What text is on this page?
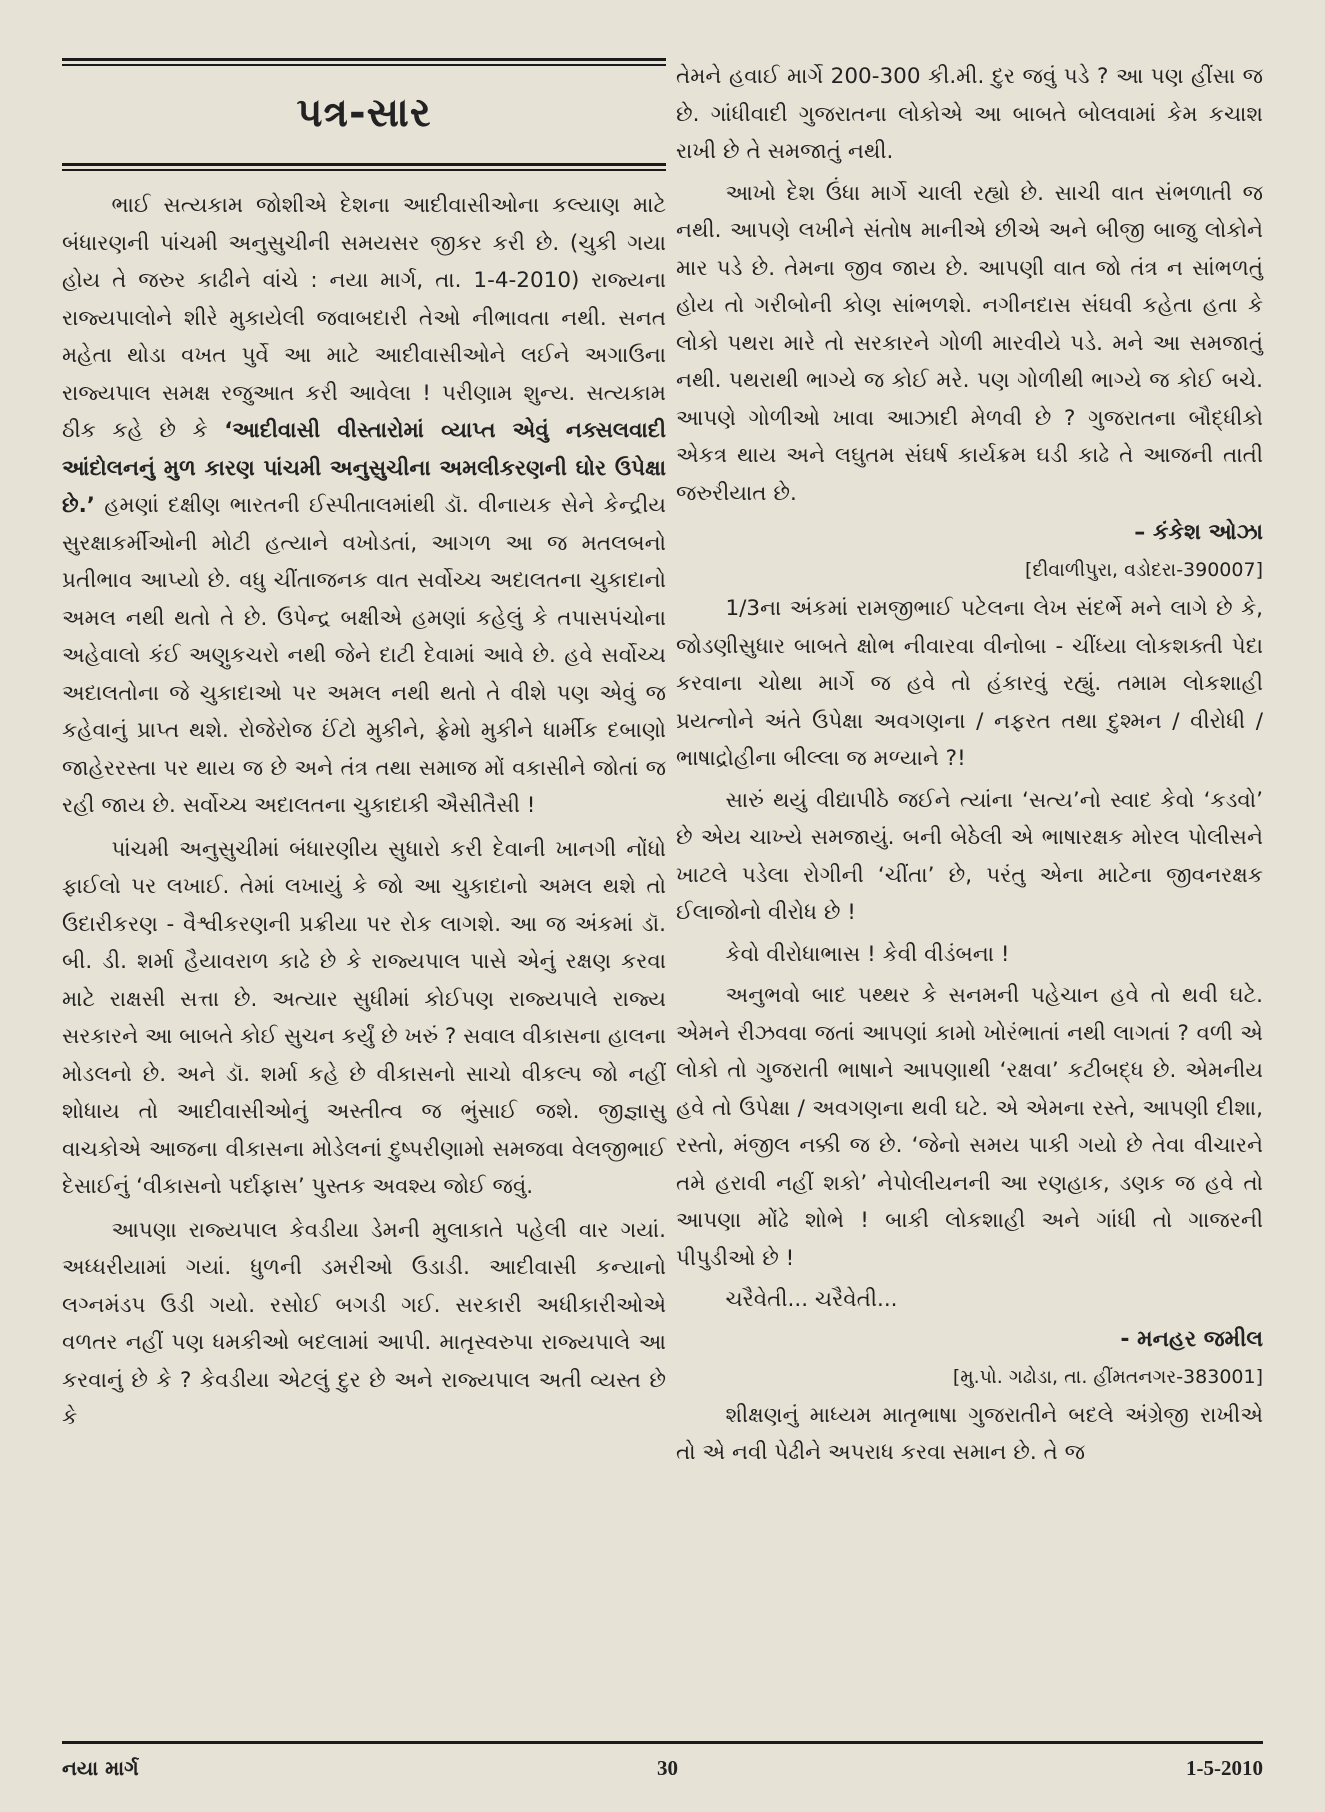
પત્ર-સાર

ભાઈ સત્યકામ જોશીએ દેશના આદીવાસીઓના કલ્યાણ માટે બંધારણની પાંચમી અનુસુચીની સમયસર જીકર કરી છે. (ચુકી ગયા હોય તે જરુર કાઢીને વાંચે : નયા માર્ગ, તા. 1-4-2010) રાજ્યના રાજ્યપાલોને શીરે મુકાયેલી જવાબદારી તેઓ નીભાવતા નથી. સનત મહેતા થોડા વખત પુર્વે આ માટે આદીવાસીઓને લઈને અગાઉના રાજ્યપાલ સમક્ષ રજુઆત કરી આવેલા ! પરીણામ શુન્ય. સત્યકામ ઠીક કહે છે કે ‘આદીવાસી વીસ્તારોમાં વ્યાપ્ત એવું નક્સલવાદી આંદોલનનું મુળ કારણ પાંચમી અનુસુચીના અમલીકરણની ઘોર ઉપેક્ષા છે.’ હમણાં દક્ષીણ ભારતની ઈસ્પીતાલમાંથી ડૉ. વીનાયક સેને કેન્દ્રીય સુરક્ષાકર્મીઓની મોટી હત્યાને વખોડતાં, આગળ આ જ મતલબનો પ્રતીભાવ આપ્યો છે. વધુ ચીંતાજનક વાત સર્વોચ્ચ અદાલતના ચુકાદાનો અમલ નથી થતો તે છે. ઉપેન્દ્ર બક્ષીએ હમણાં કહેલું કે તપાસપંચોના અહેવાલો કંઈ અણુકચરો નથી જેને દાટી દેવામાં આવે છે. હવે સર્વોચ્ચ અદાલતોના જે ચુકાદાઓ પર અમલ નથી થતો તે વીશે પણ એવું જ કહેવાનું પ્રાપ્ત થશે. રોજેરોજ ઈંટો મુકીને, ફ્રેમો મુકીને ધાર્મીક દબાણો જાહેરરસ્તા પર થાય જ છે અને તંત્ર તથા સમાજ મોં વકાસીને જોતાં જ રહી જાય છે. સર્વોચ્ચ અદાલતના ચુકાદાકી ઐસીતૈસી !

પાંચમી અનુસુચીમાં બંધારણીય સુધારો કરી દેવાની ખાનગી નોંધો ફાઈલો પર લખાઈ. તેમાં લખાયું કે જો આ ચુકાદાનો અમલ થશે તો ઉદારીકરણ - વૈશ્વીકરણની પ્રક્રીયા પર રોક લાગશે. આ જ અંકમાં ડૉ. બી. ડી. શર્મા હૈયાવરાળ કાઢે છે કે રાજ્યપાલ પાસે એનું રક્ષણ કરવા માટે રાક્ષસી સત્તા છે. અત્યાર સુધીમાં કોઈપણ રાજ્યપાલે રાજ્ય સરકારને આ બાબતે કોઈ સુચન કર્યું છે ખરું ? સવાલ વીકાસના હાલના મોડલનો છે. અને ડૉ. શર્મા કહે છે વીકાસનો સાચો વીકલ્પ જો નહીં શોધાય તો આદીવાસીઓનું અસ્તીત્વ જ ભુંસાઈ જશે. જીજ્ઞાસુ વાચકોએ આજના વીકાસના મોડેલનાં દુષ્પરીણામો સમજવા વેલજીભાઈ દેસાઈનું ‘વીકાસનો પર્દાફાસ’ પુસ્તક અવશ્ય જોઈ જવું.

આપણા રાજ્યપાલ કેવડીયા ડેમની મુલાકાતે પહેલી વાર ગયાં. અધ્ધરીયામાં ગયાં. ધુળની ડમરીઓ ઉડાડી. આદીવાસી કન્યાનો લગ્નમંડપ ઉડી ગયો. રસોઈ બગડી ગઈ. સરકારી અધીકારીઓએ વળતર નહીં પણ ધમકીઓ બદલામાં આપી. માતૃસ્વરુપા રાજ્યપાલે આ કરવાનું છે કે ? કેવડીયા એટલું દુર છે અને રાજ્યપાલ અતી વ્યસ્ત છે કે

તેમને હવાઈ માર્ગે 200-300 કી.મી. દુર જવું પડે ? આ પણ હીંસા જ છે. ગાંધીવાદી ગુજરાતના લોકોએ આ બાબતે બોલવામાં કેમ કચાશ રાખી છે તે સમજાતું નથી.

આખો દેશ ઉંધા માર્ગે ચાલી રહ્યો છે. સાચી વાત સંભળાતી જ નથી. આપણે લખીને સંતોષ માનીએ છીએ અને બીજી બાજુ લોકોને માર પડે છે. તેમના જીવ જાય છે. આપણી વાત જો તંત્ર ન સાંભળતું હોય તો ગરીબોની કોણ સાંભળશે. નગીનદાસ સંઘવી કહેતા હતા કે લોકો પથરા મારે તો સરકારને ગોળી મારવીયે પડે. મને આ સમજાતું નથી. પથરાથી ભાગ્યે જ કોઈ મરે. પણ ગોળીથી ભાગ્યે જ કોઈ બચે. આપણે ગોળીઓ ખાવા આઝાદી મેળવી છે ? ગુજરાતના બૌદ્ધીકો એકત્ર થાય અને લઘુતમ સંઘર્ષ કાર્યક્રમ ઘડી કાઢે તે આજની તાતી જરુરીયાત છે.

– કંકેશ ઓઝા
[દીવાળીપુરા, વડોદરા-390007]

1/3ના અંકમાં રામજીભાઈ પટેલના લેખ સંદર્ભે મને લાગે છે કે, જોડણીસુધાર બાબતે ક્ષોભ નીવારવા વીનોબા - ચીંધ્યા લોકશક્તી પેદા કરવાના ચોથા માર્ગે જ હવે તો હંકારવું રહ્યું. તમામ લોકશાહી પ્રયત્નોને અંતે ઉપેક્ષા અવગણના / નફરત તથા દુશ્મન / વીરોધી / ભાષાદ્રોહીના બીલ્લા જ મળ્યાને ?!

સારું થયું વીદ્યાપીઠે જઈને ત્યાંના ‘સત્ય’નો સ્વાદ કેવો ‘કડવો’ છે એય ચાખ્યે સમજાયું. બની બેઠેલી એ ભાષારક્ષક મોરલ પોલીસને ખાટલે પડેલા રોગીની ‘ચીંતા’ છે, પરંતુ એના માટેના જીવનરક્ષક ઈલાજોનો વીરોધ છે !

કેવો વીરોધાભાસ ! કેવી વીડંબના !

અનુભવો બાદ પથ્થર કે સનમની પહેચાન હવે તો થવી ઘટે. એમને રીઝવવા જતાં આપણાં કામો ખોરંભાતાં નથી લાગતાં ? વળી એ લોકો તો ગુજરાતી ભાષાને આપણાથી ‘રક્ષવા’ કટીબદ્ધ છે. એમનીય હવે તો ઉપેક્ષા / અવગણના થવી ઘટે. એ એમના રસ્તે, આપણી દીશા, રસ્તો, મંજીલ નક્કી જ છે. ‘જેનો સમય પાકી ગયો છે તેવા વીચારને તમે હરાવી નહીં શકો’ નેપોલીયનની આ રણહાક, ડણક જ હવે તો આપણા મોંઢે શોભે ! બાકી લોકશાહી અને ગાંધી તો ગાજરની પીપુડીઓ છે !

ચરૈવેતી... ચરૈવેતી...

- મનહર જમીલ
[મુ.પો. ગઢોડા, તા. હીંમતનગર-383001]

શીક્ષણનું માધ્યમ માતૃભાષા ગુજરાતીને બદલે અંગ્રેજી રાખીએ તો એ નવી પેઢીને અપરાધ કરવા સમાન છે. તે જ

નયા માર્ગ	30	1-5-2010
